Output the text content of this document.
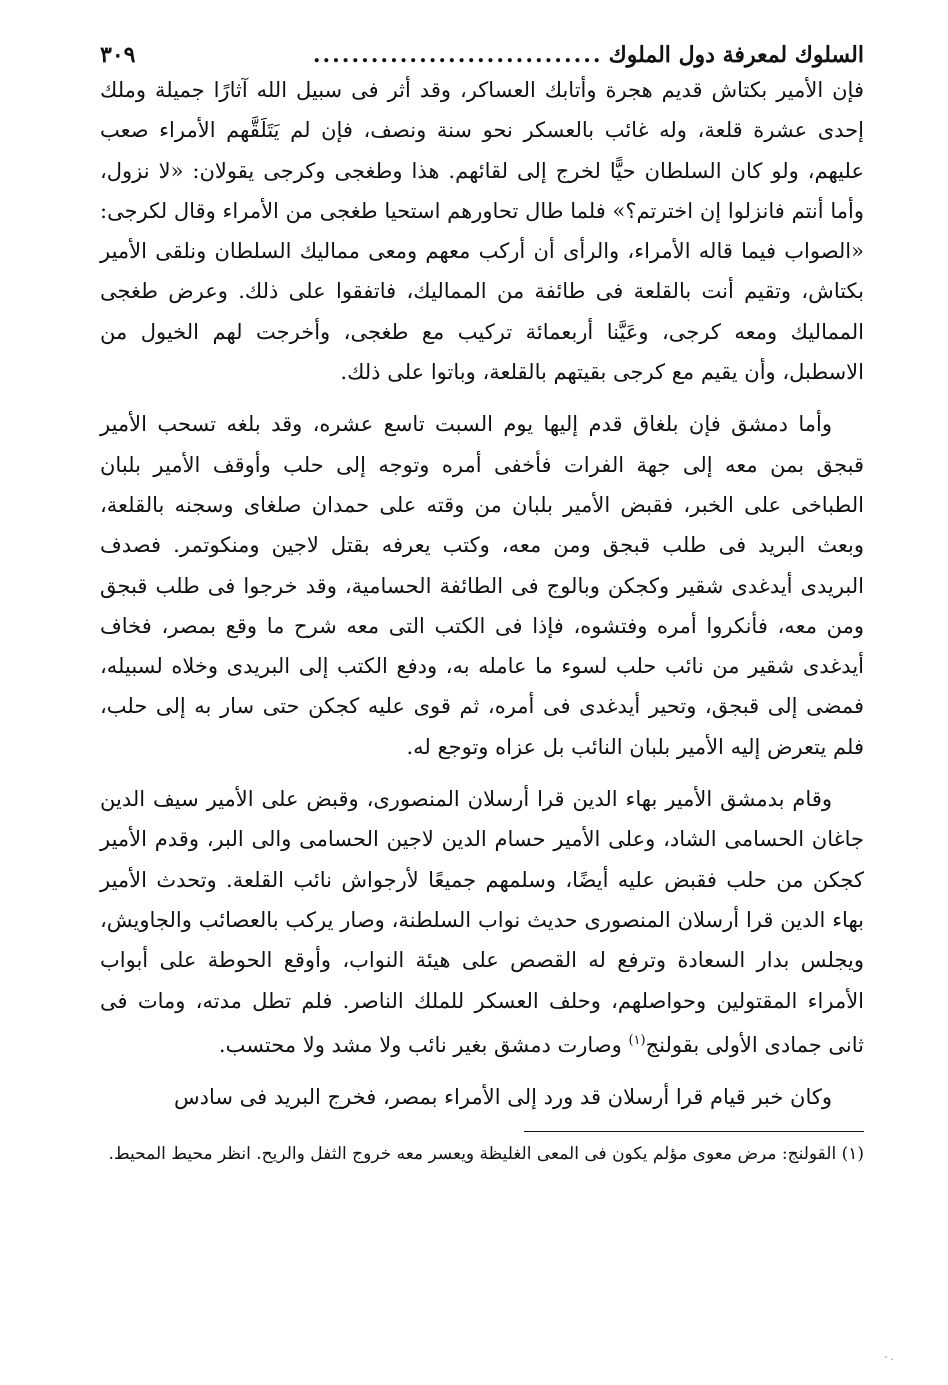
السلوك لمعرفة دول الملوك
..............................
٣٠٩

فإن الأمير بكتاش قديم هجرة وأتابك العساكر، وقد أثر فى سبيل الله آثارًا جميلة وملك إحدى عشرة قلعة، وله غائب بالعسكر نحو سنة ونصف، فإن لم يَتَلَقَّهم الأمراء صعب عليهم، ولو كان السلطان حيًّا لخرج إلى لقائهم. هذا وطغجى وكرجى يقولان: «لا نزول، وأما أنتم فانزلوا إن اخترتم؟» فلما طال تحاورهم استحيا طغجى من الأمراء وقال لكرجى: «الصواب فيما قاله الأمراء، والرأى أن أركب معهم ومعى مماليك السلطان ونلقى الأمير بكتاش، وتقيم أنت بالقلعة فى طائفة من المماليك، فاتفقوا على ذلك. وعرض طغجى المماليك ومعه كرجى، وعَيَّنا أربعمائة تركيب مع طغجى، وأخرجت لهم الخيول من الاسطبل، وأن يقيم مع كرجى بقيتهم بالقلعة، وباتوا على ذلك.

وأما دمشق فإن بلغاق قدم إليها يوم السبت تاسع عشره، وقد بلغه تسحب الأمير قبجق بمن معه إلى جهة الفرات فأخفى أمره وتوجه إلى حلب وأوقف الأمير بلبان الطباخى على الخبر، فقبض الأمير بلبان من وقته على حمدان صلغاى وسجنه بالقلعة، وبعث البريد فى طلب قبجق ومن معه، وكتب يعرفه بقتل لاجين ومنكوتمر. فصدف البريدى أيدغدى شقير وكجكن وبالوج فى الطائفة الحسامية، وقد خرجوا فى طلب قبجق ومن معه، فأنكروا أمره وفتشوه، فإذا فى الكتب التى معه شرح ما وقع بمصر، فخاف أيدغدى شقير من نائب حلب لسوء ما عامله به، ودفع الكتب إلى البريدى وخلاه لسبيله، فمضى إلى قبجق، وتحير أيدغدى فى أمره، ثم قوى عليه كجكن حتى سار به إلى حلب، فلم يتعرض إليه الأمير بلبان النائب بل عزاه وتوجع له.

وقام بدمشق الأمير بهاء الدين قرا أرسلان المنصورى، وقبض على الأمير سيف الدين جاغان الحسامى الشاد، وعلى الأمير حسام الدين لاجين الحسامى والى البر، وقدم الأمير كجكن من حلب فقبض عليه أيضًا، وسلمهم جميعًا لأرجواش نائب القلعة. وتحدث الأمير بهاء الدين قرا أرسلان المنصورى حديث نواب السلطنة، وصار يركب بالعصائب والجاويش، ويجلس بدار السعادة وترفع له القصص على هيئة النواب، وأوقع الحوطة على أبواب الأمراء المقتولين وحواصلهم، وحلف العسكر للملك الناصر. فلم تطل مدته، ومات فى ثانى جمادى الأولى بقولنج$^{(١)}$ وصارت دمشق بغير نائب ولا مشد ولا محتسب.

وكان خبر قيام قرا أرسلان قد ورد إلى الأمراء بمصر، فخرج البريد فى سادس

(١) القولنج: مرض معوى مؤلم يكون فى المعى الغليظة ويعسر معه خروج الثفل والريح. انظر محيط المحيط.

- .
